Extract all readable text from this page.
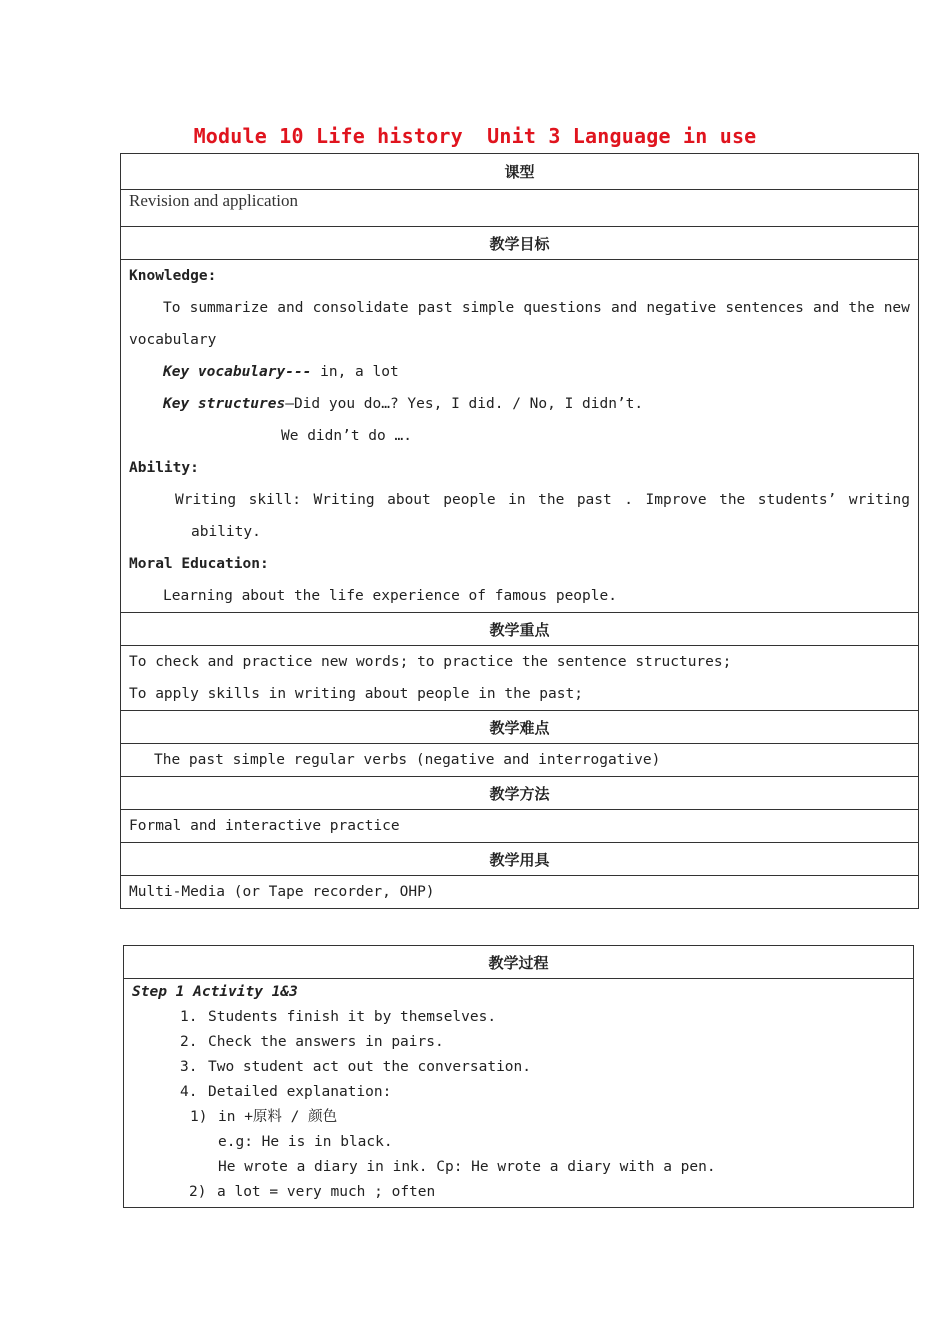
Module 10 Life history Unit 3 Language in use
课型

Revision and application

教学目标

Knowledge:
To summarize and consolidate past simple questions and negative sentences and the new
vocabulary
Key vocabulary--- in, a lot
Key structures—Did you do…? Yes, I did. / No, I didn’t.
We didn’t do ….
Ability:
Writing skill: Writing about people in the past . Improve the students’ writing
ability.
Moral Education:
Learning about the life experience of famous people.

教学重点

To check and practice new words; to practice the sentence structures;
To apply skills in writing about people in the past;

教学难点

The past simple regular verbs (negative and interrogative)

教学方法

Formal and interactive practice

教学用具

Multi-Media (or Tape recorder, OHP)
教学过程

Step 1 Activity 1&3
1. Students finish it by themselves.
2. Check the answers in pairs.
3. Two student act out the conversation.
4. Detailed explanation:
1) in +原料 / 颜色
e.g: He is in black.
He wrote a diary in ink. Cp: He wrote a diary with a pen.
2) a lot = very much ; often
